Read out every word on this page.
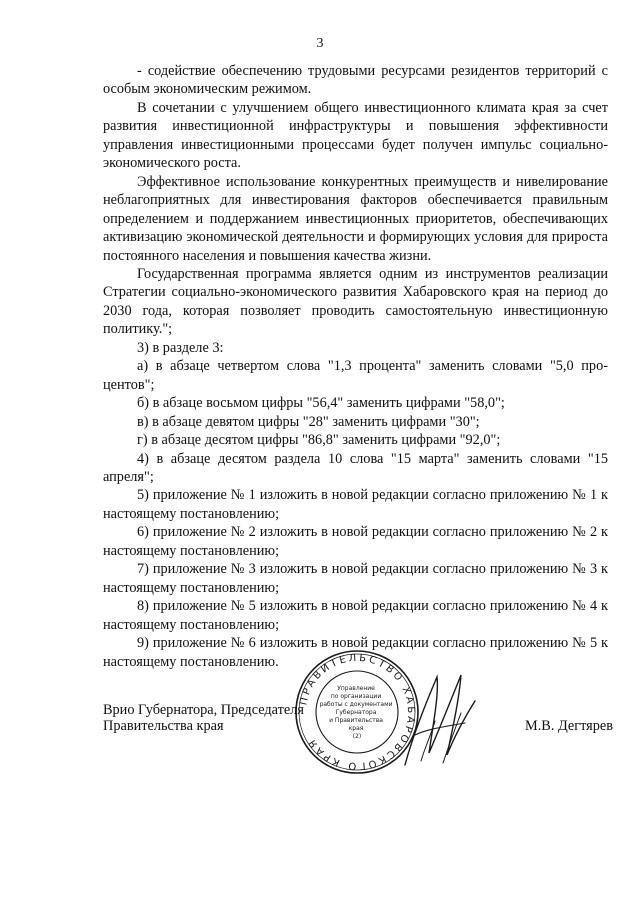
3

- содействие обеспечению трудовыми ресурсами резидентов территорий с особым экономическим режимом.

В сочетании с улучшением общего инвестиционного климата края за счет развития инвестиционной инфраструктуры и повышения эффективности управления инвестиционными процессами будет получен импульс социально-экономического роста.

Эффективное использование конкурентных преимуществ и нивелирование неблагоприятных для инвестирования факторов обеспечивается правильным определением и поддержанием инвестиционных приоритетов, обеспечивающих активизацию экономической деятельности и формирующих условия для прироста постоянного населения и повышения качества жизни.

Государственная программа является одним из инструментов реализации Стратегии социально-экономического развития Хабаровского края на период до 2030 года, которая позволяет проводить самостоятельную инвестиционную политику.";

3) в разделе 3:

а) в абзаце четвертом слова "1,3 процента" заменить словами "5,0 процентов";

б) в абзаце восьмом цифры "56,4" заменить цифрами "58,0";

в) в абзаце девятом цифры "28" заменить цифрами "30";

г) в абзаце десятом цифры "86,8" заменить цифрами "92,0";

4) в абзаце десятом раздела 10 слова "15 марта" заменить словами "15 апреля";

5) приложение № 1 изложить в новой редакции согласно приложению № 1 к настоящему постановлению;

6) приложение № 2 изложить в новой редакции согласно приложению № 2 к настоящему постановлению;

7) приложение № 3 изложить в новой редакции согласно приложению № 3 к настоящему постановлению;

8) приложение № 5 изложить в новой редакции согласно приложению № 4 к настоящему постановлению;

9) приложение № 6 изложить в новой редакции согласно приложению № 5 к настоящему постановлению.

ПРАВИТЕЛЬСТВО ХАБАРОВСКОГО КРАЯ
Управление по организации работы с документами Губернатора и Правительства края (2)
Врио Губернатора, Председателя
Правительства края	М.В. Дегтярев
